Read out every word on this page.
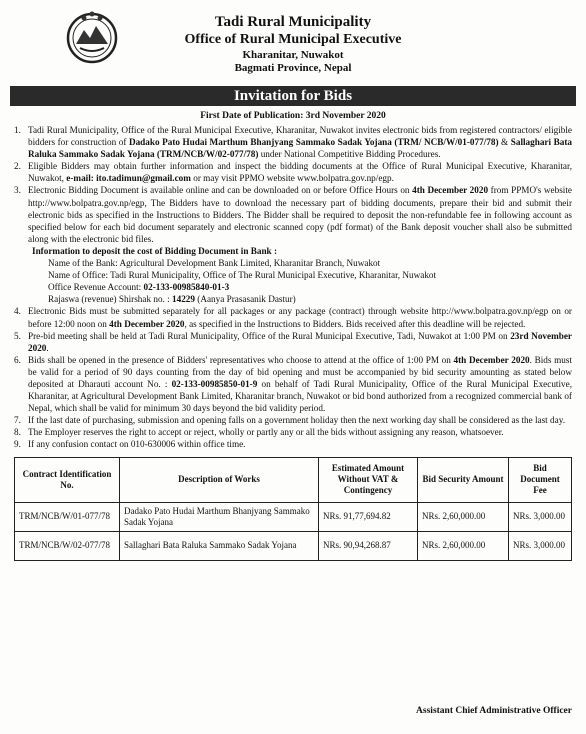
Tadi Rural Municipality
Office of Rural Municipal Executive
Kharanitar, Nuwakot
Bagmati Province, Nepal
Invitation for Bids
First Date of Publication: 3rd November 2020
1. Tadi Rural Municipality, Office of the Rural Municipal Executive, Kharanitar, Nuwakot invites electronic bids from registered contractors/ eligible bidders for construction of Dadako Pato Hudai Marthum Bhanjyang Sammako Sadak Yojana (TRM/ NCB/W/01-077/78) & Sallaghari Bata Raluka Sammako Sadak Yojana (TRM/NCB/W/02-077/78) under National Competitive Bidding Procedures.
2. Eligible Bidders may obtain further information and inspect the bidding documents at the Office of Rural Municipal Executive, Kharanitar, Nuwakot, e-mail: ito.tadimun@gmail.com or may visit PPMO website www.bolpatra.gov.np/egp.
3. Electronic Bidding Document is available online and can be downloaded on or before Office Hours on 4th December 2020 from PPMO's website http://www.bolpatra.gov.np/egp, The Bidders have to download the necessary part of bidding documents, prepare their bid and submit their electronic bids as specified in the Instructions to Bidders. The Bidder shall be required to deposit the non-refundable fee in following account as specified below for each bid document separately and electronic scanned copy (pdf format) of the Bank deposit voucher shall also be submitted along with the electronic bid files.
Information to deposit the cost of Bidding Document in Bank :
Name of the Bank: Agricultural Development Bank Limited, Kharanitar Branch, Nuwakot
Name of Office: Tadi Rural Municipality, Office of The Rural Municipal Executive, Kharanitar, Nuwakot
Office Revenue Account: 02-133-00985840-01-3
Rajaswa (revenue) Shirshak no. : 14229 (Aanya Prasasanik Dastur)
4. Electronic Bids must be submitted separately for all packages or any package (contract) through website http://www.bolpatra.gov.np/egp on or before 12:00 noon on 4th December 2020, as specified in the Instructions to Bidders. Bids received after this deadline will be rejected.
5. Pre-bid meeting shall be held at Tadi Rural Municipality, Office of the Rural Municipal Executive, Tadi, Nuwakot at 1:00 PM on 23rd November 2020.
6. Bids shall be opened in the presence of Bidders' representatives who choose to attend at the office of 1:00 PM on 4th December 2020. Bids must be valid for a period of 90 days counting from the day of bid opening and must be accompanied by bid security amounting as stated below deposited at Dharauti account No. : 02-133-00985850-01-9 on behalf of Tadi Rural Municipality, Office of the Rural Municipal Executive, Kharanitar, at Agricultural Development Bank Limited, Kharanitar branch, Nuwakot or bid bond authorized from a recognized commercial bank of Nepal, which shall be valid for minimum 30 days beyond the bid validity period.
7. If the last date of purchasing, submission and opening falls on a government holiday then the next working day shall be considered as the last day.
8. The Employer reserves the right to accept or reject, wholly or partly any or all the bids without assigning any reason, whatsoever.
9. If any confusion contact on 010-630006 within office time.
Contract Identification No.	Description of Works	Estimated Amount Without VAT & Contingency	Bid Security Amount	Bid Document Fee
TRM/NCB/W/01-077/78	Dadako Pato Hudai Marthum Bhanjyang Sammako Sadak Yojana	NRs. 91,77,694.82	NRs. 2,60,000.00	NRs. 3,000.00
TRM/NCB/W/02-077/78	Sallaghari Bata Raluka Sammako Sadak Yojana	NRs. 90,94,268.87	NRs. 2,60,000.00	NRs. 3,000.00
Assistant Chief Administrative Officer
